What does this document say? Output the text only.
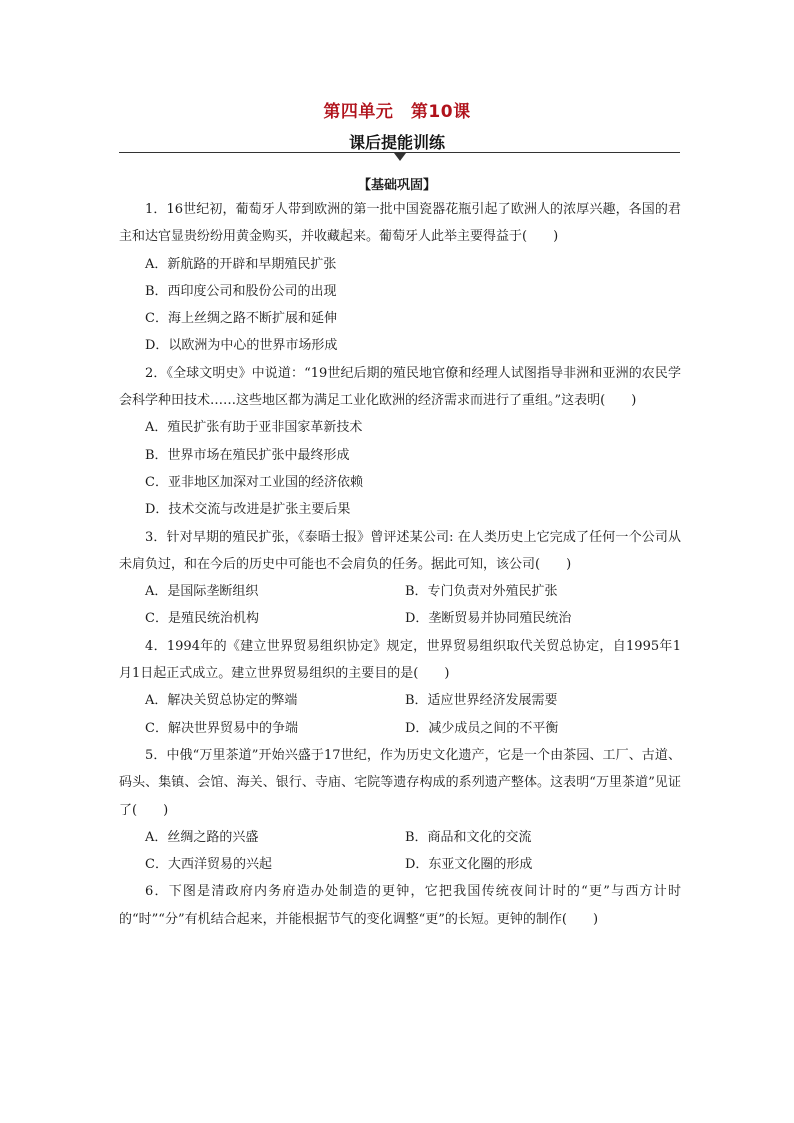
第四单元　第10课
课后提能训练
【基础巩固】

1．16世纪初，葡萄牙人带到欧洲的第一批中国瓷器花瓶引起了欧洲人的浓厚兴趣，各国的君主和达官显贵纷纷用黄金购买，并收藏起来。葡萄牙人此举主要得益于(　　)

A．新航路的开辟和早期殖民扩张

B．西印度公司和股份公司的出现

C．海上丝绸之路不断扩展和延伸

D．以欧洲为中心的世界市场形成

2．《全球文明史》中说道：“19世纪后期的殖民地官僚和经理人试图指导非洲和亚洲的农民学会科学种田技术……这些地区都为满足工业化欧洲的经济需求而进行了重组。”这表明(　　)

A．殖民扩张有助于亚非国家革新技术

B．世界市场在殖民扩张中最终形成

C．亚非地区加深对工业国的经济依赖

D．技术交流与改进是扩张主要后果

3．针对早期的殖民扩张，《泰晤士报》曾评述某公司: 在人类历史上它完成了任何一个公司从未肩负过，和在今后的历史中可能也不会肩负的任务。据此可知，该公司(　　)

A．是国际垄断组织	B．专门负责对外殖民扩张
C．是殖民统治机构	D．垄断贸易并协同殖民统治

4．1994年的《建立世界贸易组织协定》规定，世界贸易组织取代关贸总协定，自1995年1月1日起正式成立。建立世界贸易组织的主要目的是(　　)

A．解决关贸总协定的弊端	B．适应世界经济发展需要
C．解决世界贸易中的争端	D．减少成员之间的不平衡

5．中俄“万里茶道”开始兴盛于17世纪，作为历史文化遗产，它是一个由茶园、工厂、古道、码头、集镇、会馆、海关、银行、寺庙、宅院等遗存构成的系列遗产整体。这表明“万里茶道”见证了(　　)

A．丝绸之路的兴盛	B．商品和文化的交流
C．大西洋贸易的兴起	D．东亚文化圈的形成

6．下图是清政府内务府造办处制造的更钟，它把我国传统夜间计时的“更”与西方计时的“时”“分”有机结合起来，并能根据节气的变化调整“更”的长短。更钟的制作(　　)
